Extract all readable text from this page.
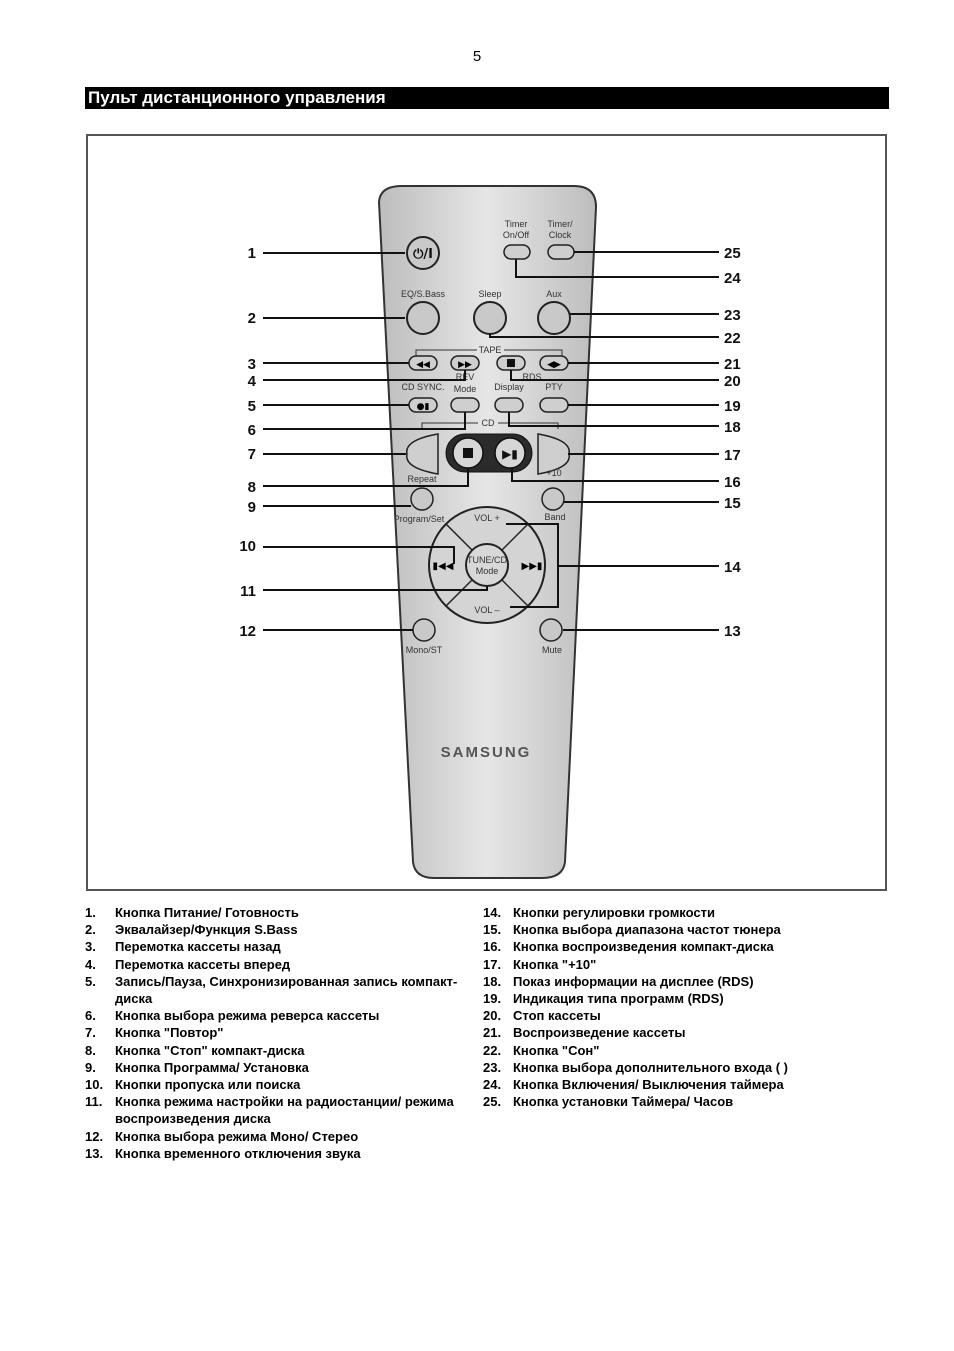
5
Пульт дистанционного управления
⏻/I
Timer
On/Off
Timer/
Clock
EQ/S.Bass	Sleep	Aux
TAPE
◀◀	▶▶	◀▶
REV	RDS
CD SYNC.
●▮
Mode Display PTY
CD
Repeat
+10
▶▮
Program/Set	Band
TUNE/CD
Mode
VOL +
VOL –
▮◀◀	▶▶▮
Mono/ST	Mute
SAMSUNG
1
2
3
4
5
6
7
8
9
10
11
12	13
14
15
16
17
18
19
20
21
22
23
24
25
1.	Кнопка Питание/ Готовность
2.	Эквалайзер/Функция S.Bass
3.	Перемотка кассеты назад
4.	Перемотка кассеты вперед
5.	Запись/Пауза, Синхронизированная запись компакт-диска
6.	Кнопка выбора режима реверса кассеты
7.	Кнопка "Повтор"
8.	Кнопка "Стоп" компакт-диска
9.	Кнопка Программа/ Установка
10. Кнопки пропуска или поиска
11. Кнопка режима настройки на радиостанции/ режима воспроизведения диска
12. Кнопка выбора режима Моно/ Стерео
13. Кнопка временного отключения звука
14. Кнопки регулировки громкости
15. Кнопка выбора диапазона частот тюнера
16. Кнопка воспроизведения компакт-диска
17. Кнопка "+10"
18. Показ информации на дисплее (RDS)
19. Индикация типа программ (RDS)
20. Стоп кассеты
21. Воспроизведение кассеты
22. Кнопка "Сон"
23. Кнопка выбора дополнительного входа ( )
24. Кнопка Включения/ Выключения таймера
25. Кнопка установки Таймера/ Часов
